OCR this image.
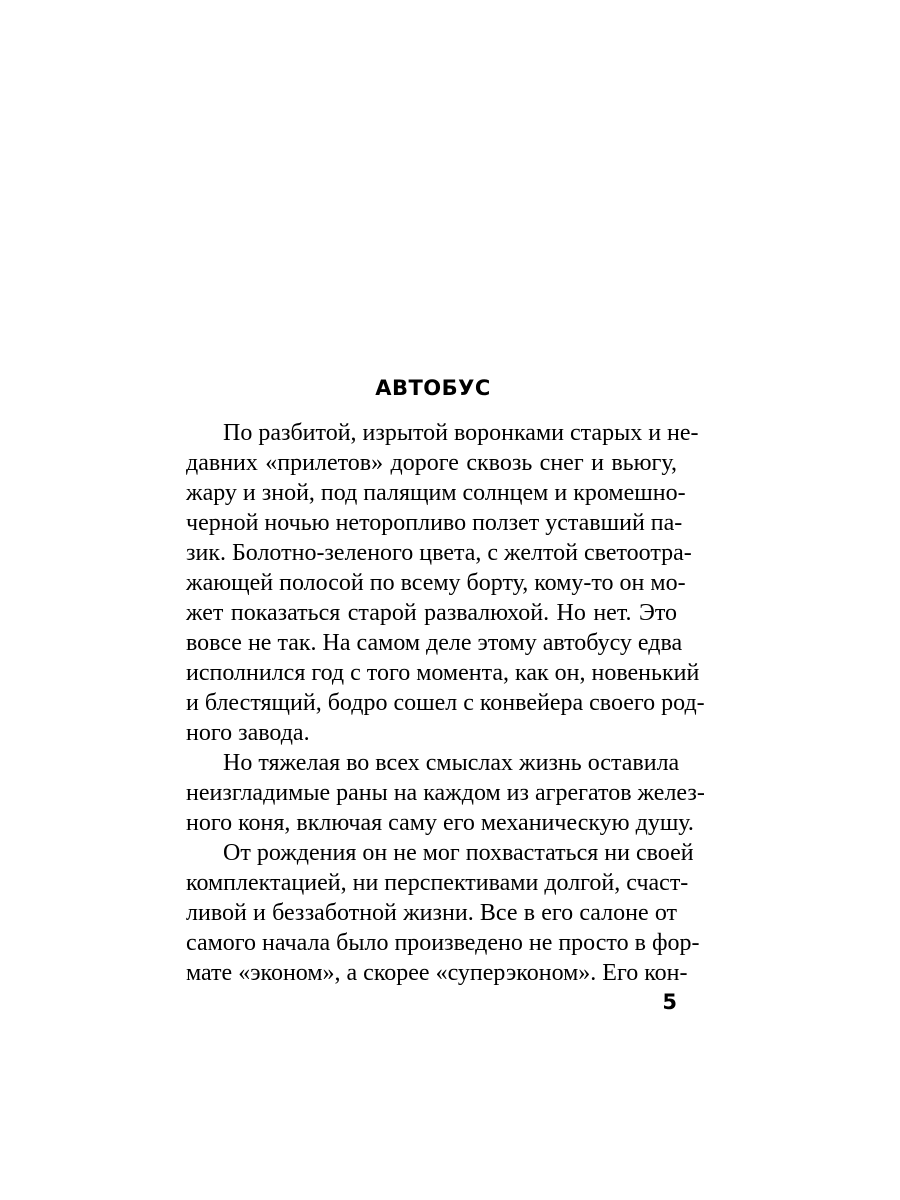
АВТОБУС
По разбитой, изрытой воронками старых и не-
давних «прилетов» дороге сквозь снег и вьюгу,
жару и зной, под палящим солнцем и кромешно-
черной ночью неторопливо ползет уставший па-
зик. Болотно-зеленого цвета, с желтой светоотра-
жающей полосой по всему борту, кому-то он мо-
жет показаться старой развалюхой. Но нет. Это
вовсе не так. На самом деле этому автобусу едва
исполнился год с того момента, как он, новенький
и блестящий, бодро сошел с конвейера своего род-
ного завода.
Но тяжелая во всех смыслах жизнь оставила
неизгладимые раны на каждом из агрегатов желез-
ного коня, включая саму его механическую душу.
От рождения он не мог похвастаться ни своей
комплектацией, ни перспективами долгой, счаст-
ливой и беззаботной жизни. Все в его салоне от
самого начала было произведено не просто в фор-
мате «эконом», а скорее «суперэконом». Его кон-
5
